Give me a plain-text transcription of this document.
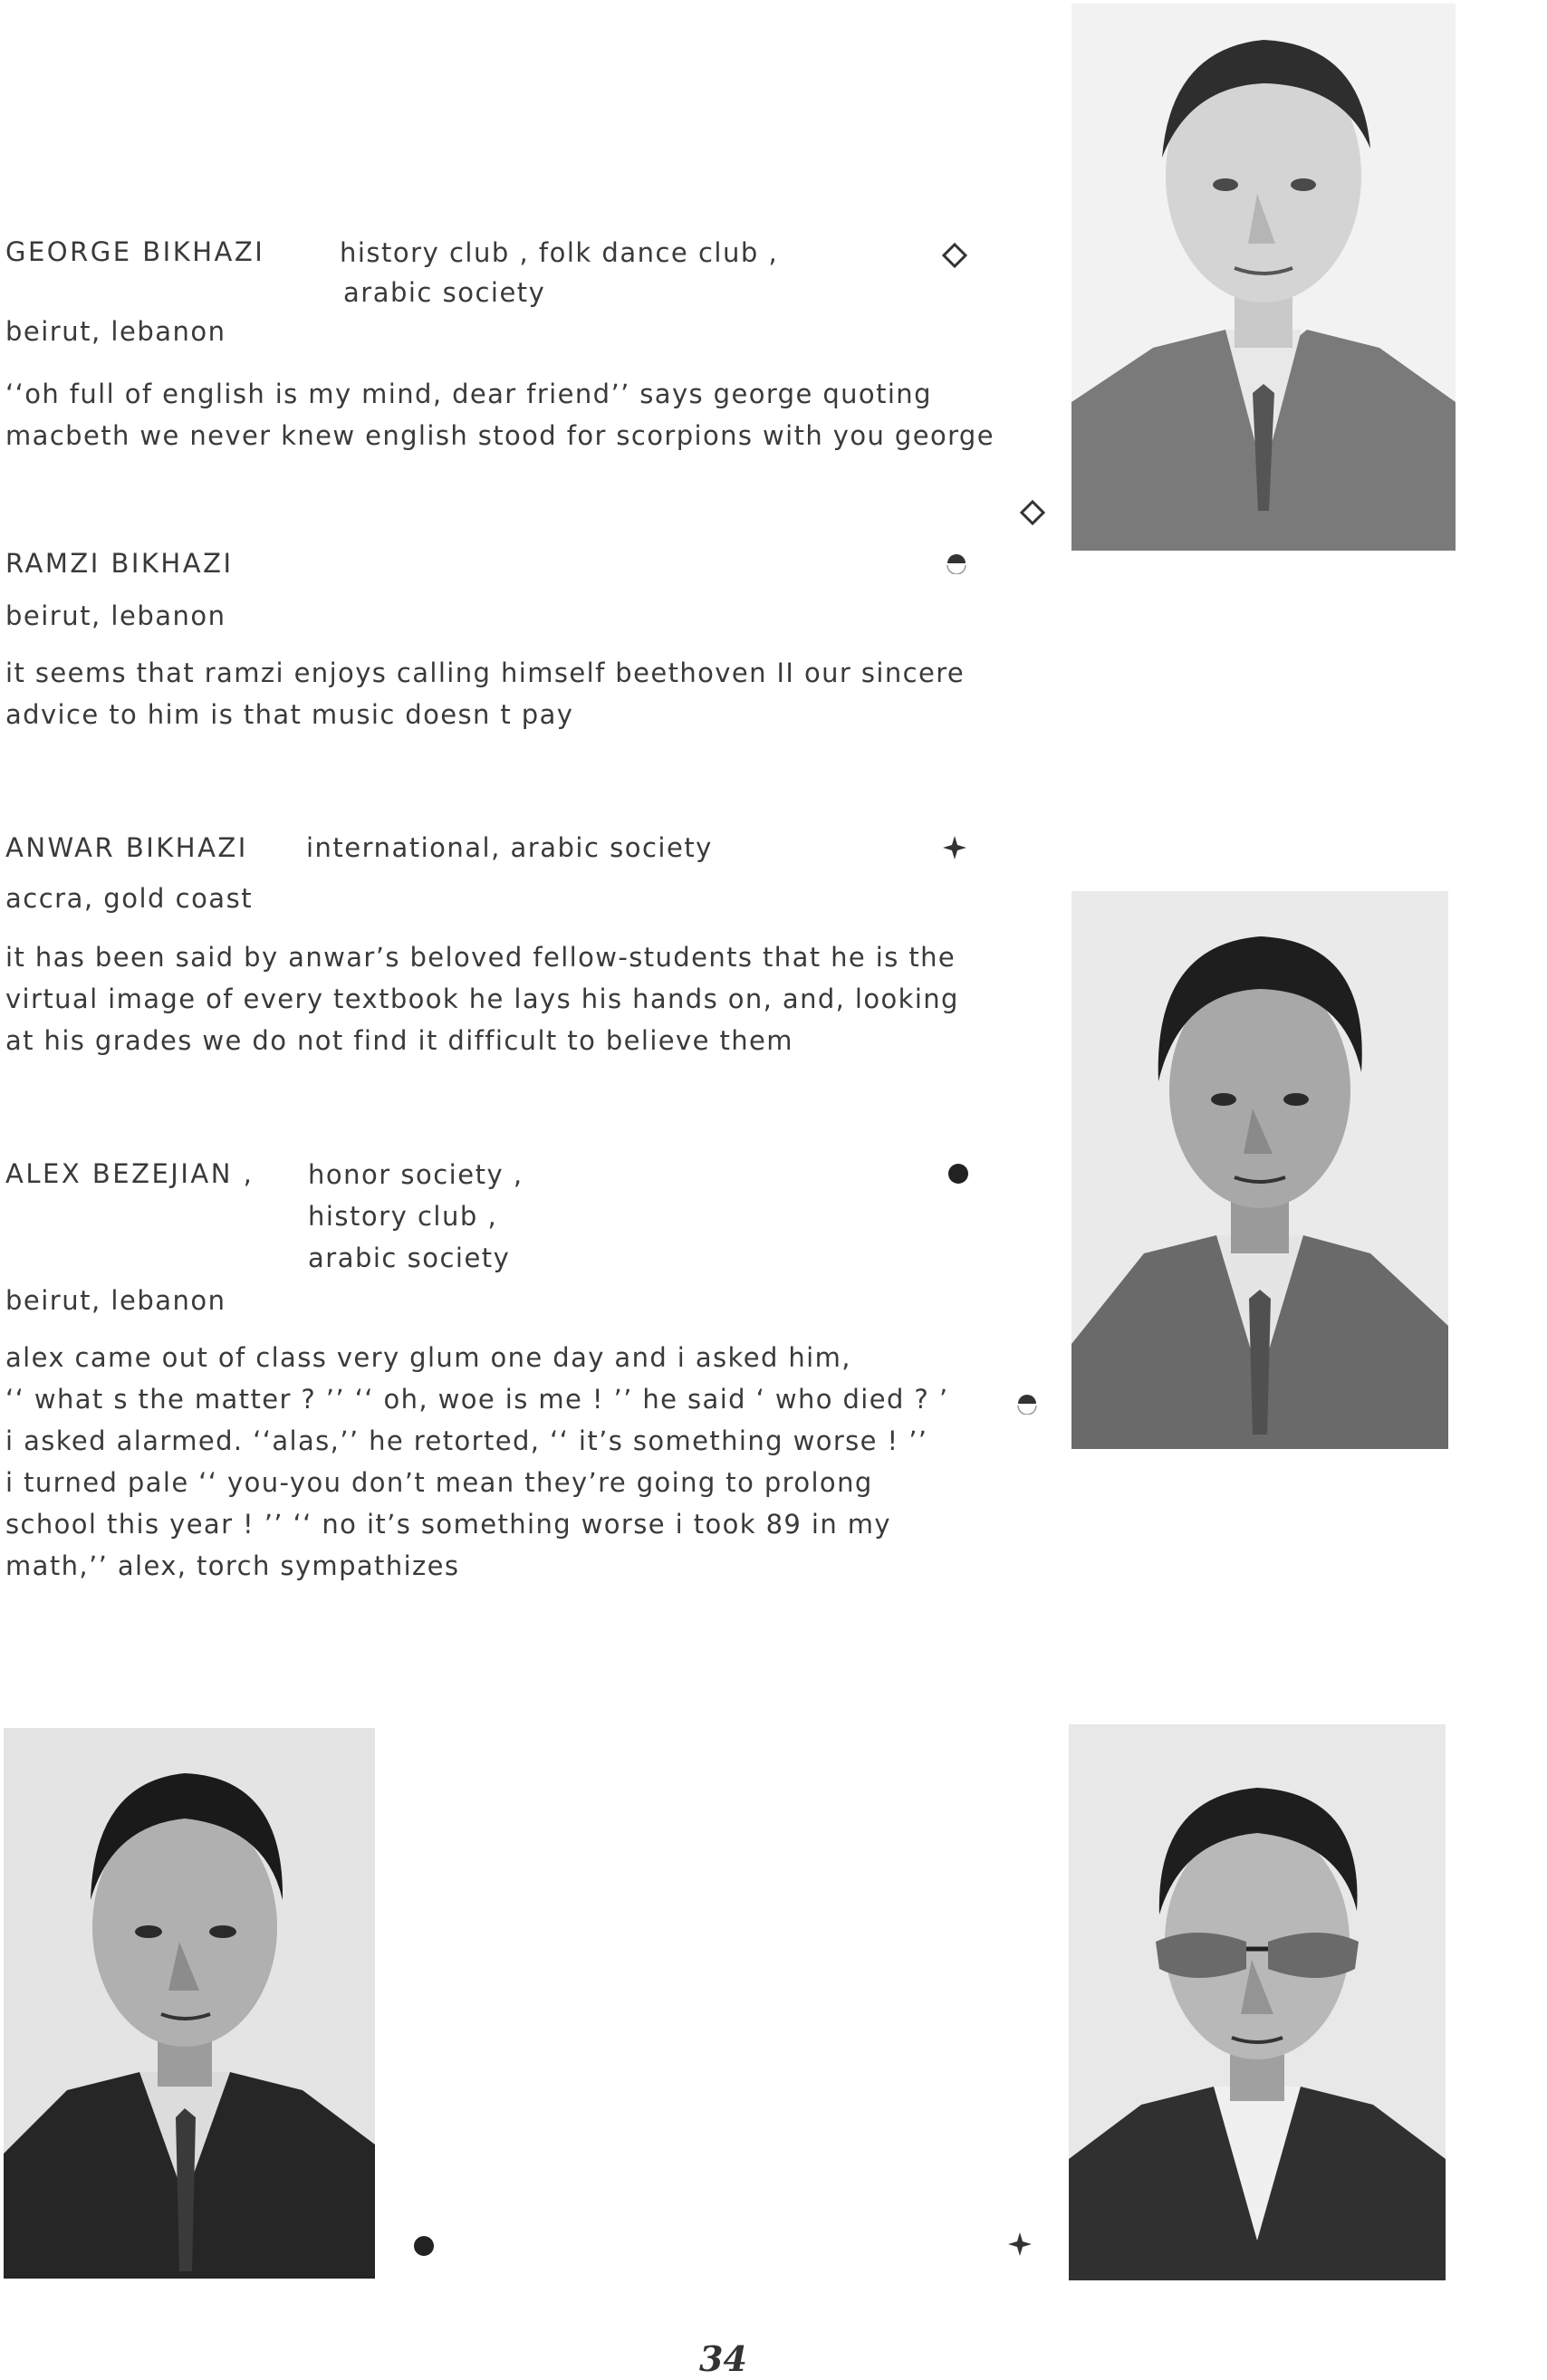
GEORGE BIKHAZI	history club , folk dance club ,
arabic society
beirut, lebanon
‘‘oh full of english is my mind, dear friend’’ says george quoting
macbeth we never knew english stood for scorpions with you george
RAMZI BIKHAZI
beirut, lebanon
it seems that ramzi enjoys calling himself beethoven II our sincere
advice to him is that music doesn t pay
ANWAR BIKHAZI international, arabic society
accra, gold coast
it has been said by anwar’s beloved fellow-students that he is the
virtual image of every textbook he lays his hands on, and, looking
at his grades we do not find it difficult to believe them
ALEX BEZEJIAN , honor society ,
history club ,
arabic society
beirut, lebanon
alex came out of class very glum one day and i asked him,
‘‘ what s the matter ? ’’ ‘‘ oh, woe is me ! ’’ he said ‘ who died ? ’
i asked alarmed. ‘‘alas,’’ he retorted, ‘‘ it’s something worse ! ’’
i turned pale ‘‘ you-you don’t mean they’re going to prolong
school this year ! ’’ ‘‘ no it’s something worse i took 89 in my
math,’’ alex, torch sympathizes
34
